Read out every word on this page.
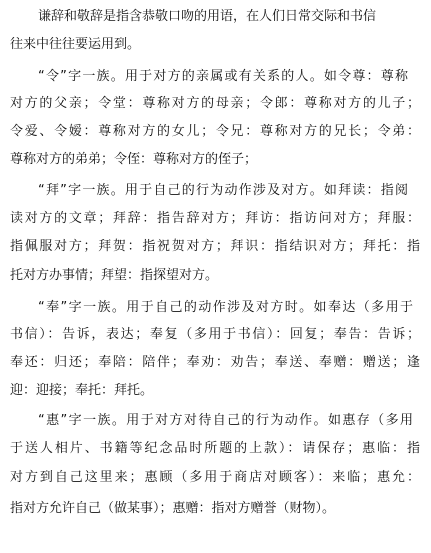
谦辞和敬辞是指含恭敬口吻的用语，在人们日常交际和书信
往来中往往要运用到。
“令”字一族。用于对方的亲属或有关系的人。如令尊：尊称
对方的父亲；令堂：尊称对方的母亲；令郎：尊称对方的儿子；
令爱、令嫒：尊称对方的女儿；令兄：尊称对方的兄长；令弟：
尊称对方的弟弟；令侄：尊称对方的侄子；
“拜”字一族。用于自己的行为动作涉及对方。如拜读：指阅
读对方的文章；拜辞：指告辞对方；拜访：指访问对方；拜服：
指佩服对方；拜贺：指祝贺对方；拜识：指结识对方；拜托：指
托对方办事情；拜望：指探望对方。
“奉”字一族。用于自己的动作涉及对方时。如奉达（多用于
书信）：告诉，表达；奉复（多用于书信）：回复；奉告：告诉；
奉还：归还；奉陪：陪伴；奉劝：劝告；奉送、奉赠：赠送；逢
迎：迎接；奉托：拜托。
“惠”字一族。用于对方对待自己的行为动作。如惠存（多用
于送人相片、书籍等纪念品时所题的上款）：请保存；惠临：指
对方到自己这里来；惠顾（多用于商店对顾客）：来临；惠允：
指对方允许自己（做某事）；惠赠：指对方赠誉（财物）。
